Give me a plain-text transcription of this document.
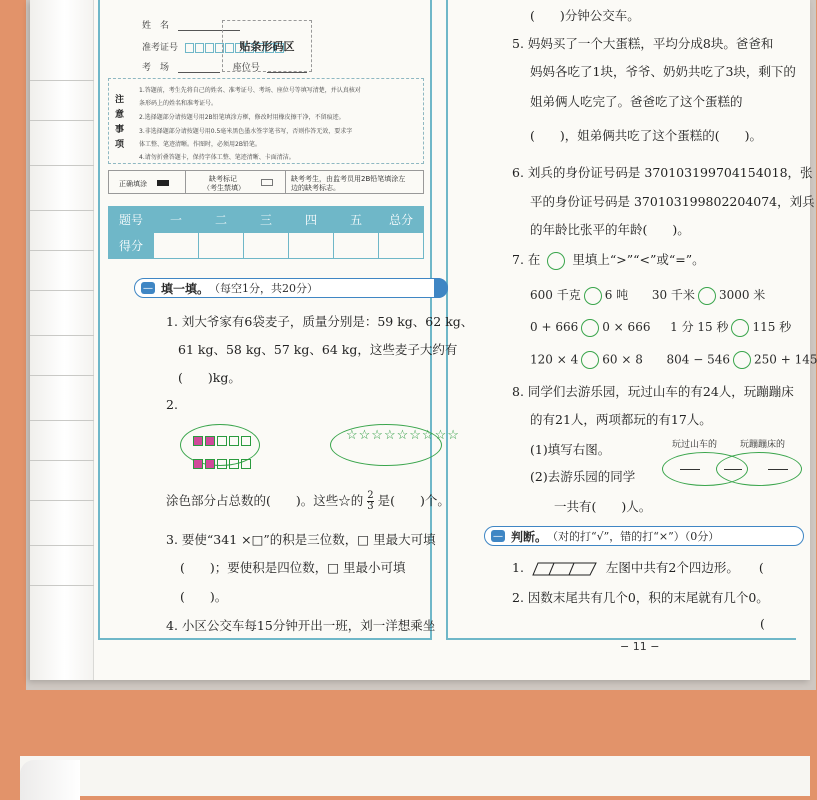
姓　名
准考证号
考　场	座位号
贴条形码区
注意事项
1.答题前，考生先将自己的姓名、准考证号、考场、座位号等填写清楚，并认真核对
条形码上的姓名和准考证号。
2.选择题部分请按题号用2B铅笔填涂方框，修改时用橡皮擦干净，不留痕迹。
3.非选择题部分请按题号用0.5毫米黑色墨水签字笔书写，否则作答无效，要求字
体工整、笔迹清晰。作图时，必须用2B铅笔。
4.请勿折叠答题卡，保持字体工整、笔迹清晰、卡面清洁。
正确填涂
缺考标记
（考生禁填）
缺考考生，由监考员用2B铅笔填涂左
边的缺考标志。
题号	一	二	三	四	五	总分
得分						
— 填一填。 （每空1分，共20分）
1. 刘大爷家有6袋麦子，质量分别是：59 kg、62 kg、
61 kg、58 kg、57 kg、64 kg，这些麦子大约有
(　　)kg。
2.
☆☆☆☆☆☆☆☆☆
涂色部分占总数的(　　)。这些☆的 $\frac{2}{3}$ 是(　　)个。
3. 要使“341 ×□”的积是三位数，□ 里最大可填
(　　)；要使积是四位数，□ 里最小可填
(　　)。
4. 小区公交车每15分钟开出一班，刘一洋想乘坐
(　　)分钟公交车。
5. 妈妈买了一个大蛋糕，平均分成8块。爸爸和
妈妈各吃了1块，爷爷、奶奶共吃了3块，剩下的
姐弟俩人吃完了。爸爸吃了这个蛋糕的
(　　)，姐弟俩共吃了这个蛋糕的(　　)。
6. 刘兵的身份证号码是 370103199704154018，张
平的身份证号码是 370103199802204074，刘兵
的年龄比张平的年龄(　　)。
7. 在	里填上“>”“<”或“=”。
600 千克 6 吨 30 千米 3000 米
0 + 666 0 × 666 1 分 15 秒 115 秒
120 × 4 60 × 8 804 − 546 250 + 145
8. 同学们去游乐园，玩过山车的有24人，玩蹦蹦床
的有21人，两项都玩的有17人。
(1)填写右图。
(2)去游乐园的同学
一共有(　　)人。
玩过山车的	玩蹦蹦床的
— 判断。 （对的打“√”，错的打“×”）（0分）
1.	左图中共有2个四边形。 (
2. 因数末尾共有几个0，积的末尾就有几个0。
(
− 11 −
